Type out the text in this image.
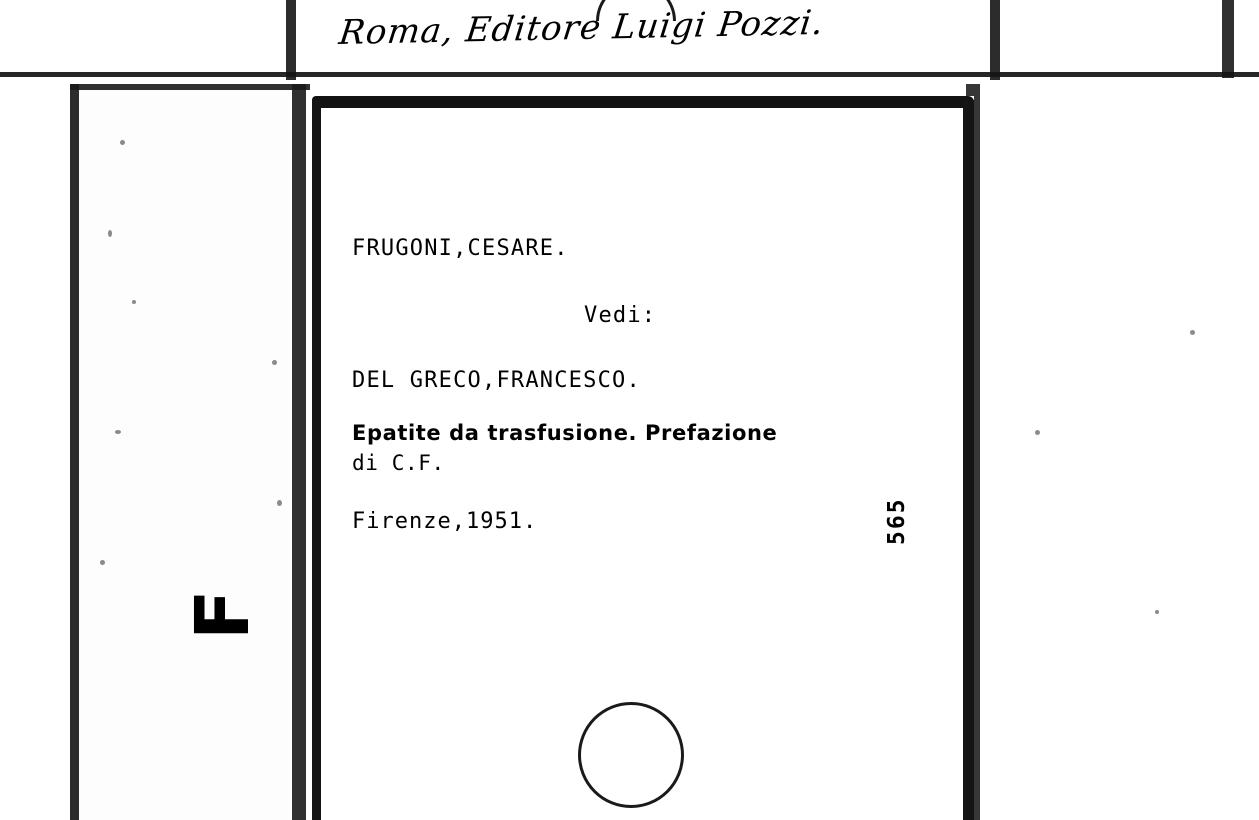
Roma, Editore Luigi Pozzi.
F

FRUGONI,CESARE.

Vedi:

DEL GRECO,FRANCESCO.

Epatite da trasfusione. Prefazione

di C.F.

Firenze,1951.	565
